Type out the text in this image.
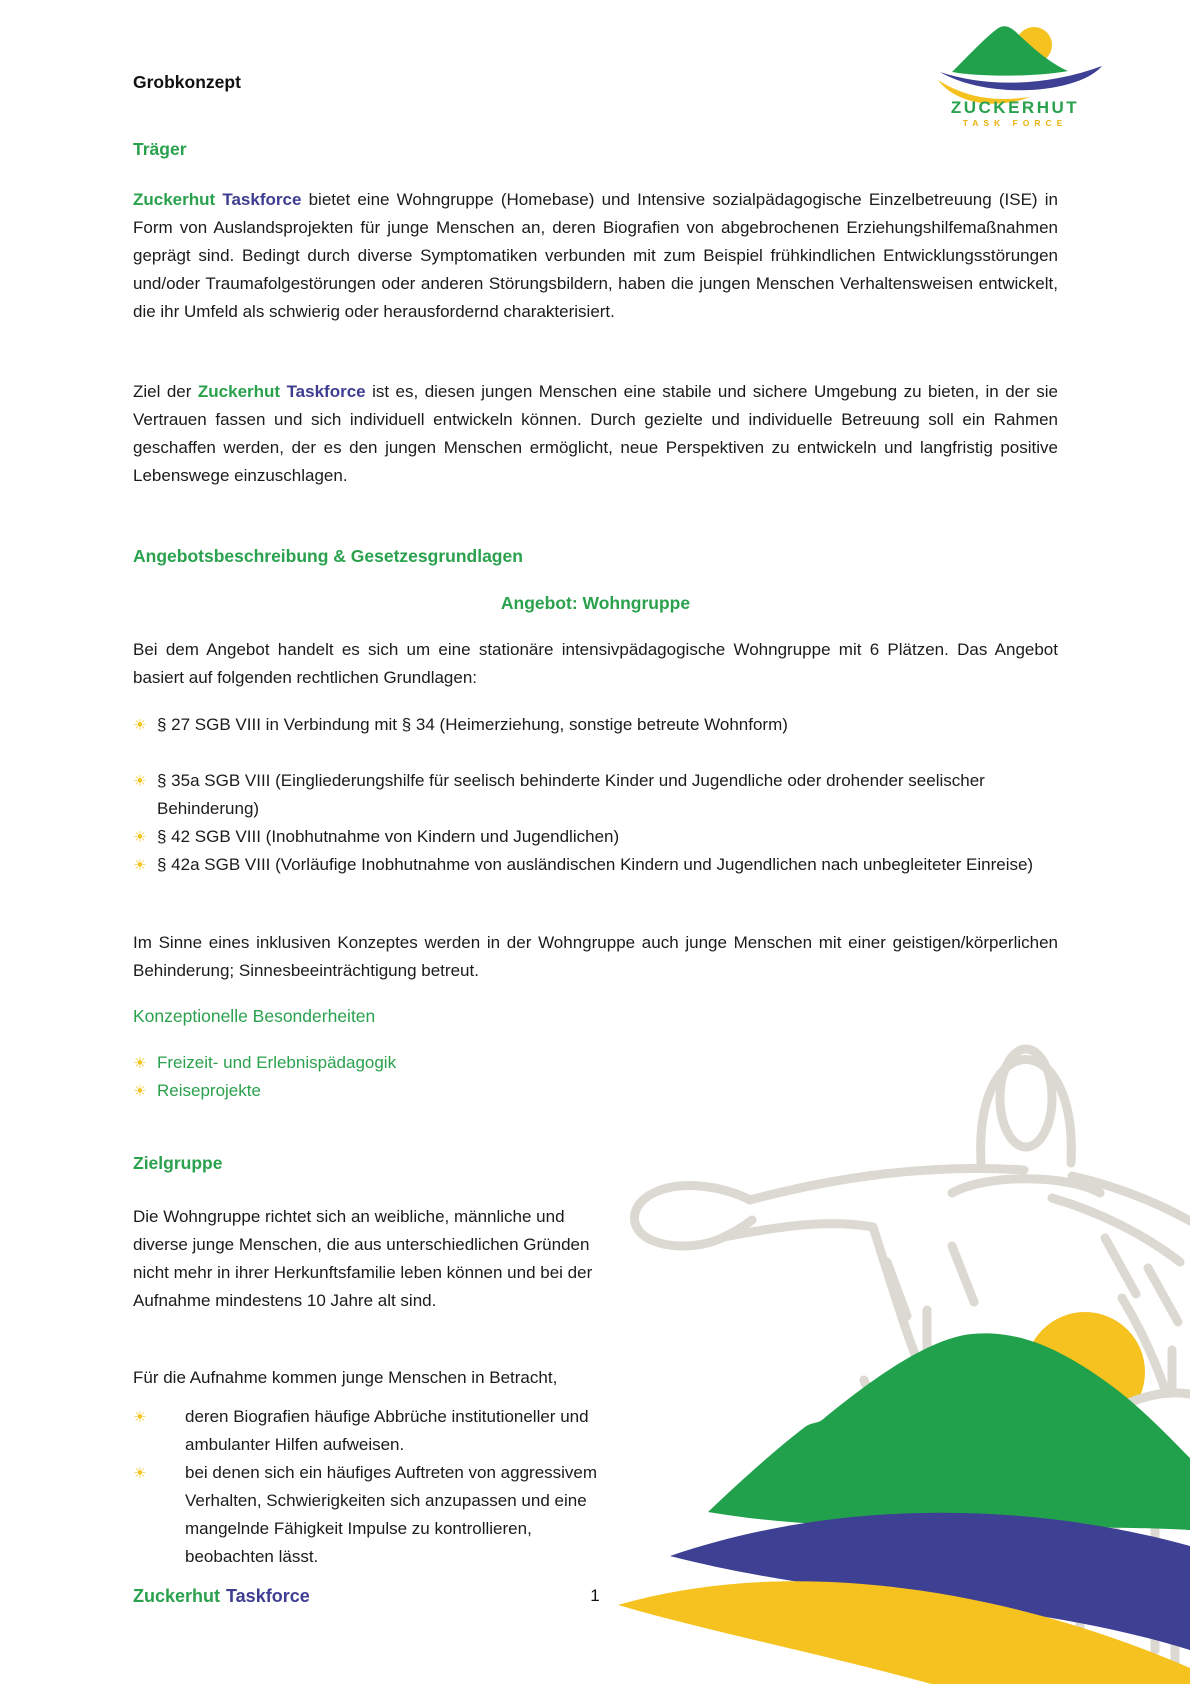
ZUCKERHUT
TASK FORCE
Grobkonzept
Träger
Zuckerhut Taskforce bietet eine Wohngruppe (Homebase) und Intensive sozialpädagogische Einzelbetreuung (ISE) in Form von Auslandsprojekten für junge Menschen an, deren Biografien von abgebrochenen Erziehungshilfemaßnahmen geprägt sind. Bedingt durch diverse Symptomatiken verbunden mit zum Beispiel frühkindlichen Entwicklungsstörungen und/oder Traumafolgestörungen oder anderen Störungsbildern, haben die jungen Menschen Verhaltensweisen entwickelt, die ihr Umfeld als schwierig oder herausfordernd charakterisiert.
Ziel der Zuckerhut Taskforce ist es, diesen jungen Menschen eine stabile und sichere Umgebung zu bieten, in der sie Vertrauen fassen und sich individuell entwickeln können. Durch gezielte und individuelle Betreuung soll ein Rahmen geschaffen werden, der es den jungen Menschen ermöglicht, neue Perspektiven zu entwickeln und langfristig positive Lebenswege einzuschlagen.
Angebotsbeschreibung & Gesetzesgrundlagen
Angebot: Wohngruppe
Bei dem Angebot handelt es sich um eine stationäre intensivpädagogische Wohngruppe mit 6 Plätzen. Das Angebot basiert auf folgenden rechtlichen Grundlagen:
☀ § 27 SGB VIII in Verbindung mit § 34 (Heimerziehung, sonstige betreute Wohnform)
☀ § 35a SGB VIII (Eingliederungshilfe für seelisch behinderte Kinder und Jugendliche oder drohender seelischer Behinderung)
☀ § 42 SGB VIII (Inobhutnahme von Kindern und Jugendlichen)
☀ § 42a SGB VIII (Vorläufige Inobhutnahme von ausländischen Kindern und Jugendlichen nach unbegleiteter Einreise)
Im Sinne eines inklusiven Konzeptes werden in der Wohngruppe auch junge Menschen mit einer geistigen/körperlichen Behinderung; Sinnesbeeinträchtigung betreut.
Konzeptionelle Besonderheiten
☀ Freizeit- und Erlebnispädagogik
☀ Reiseprojekte
Zielgruppe
Die Wohngruppe richtet sich an weibliche, männliche und diverse junge Menschen, die aus unterschiedlichen Gründen nicht mehr in ihrer Herkunftsfamilie leben können und bei der Aufnahme mindestens 10 Jahre alt sind.
Für die Aufnahme kommen junge Menschen in Betracht,
☀ deren Biografien häufige Abbrüche institutioneller und ambulanter Hilfen aufweisen.
☀ bei denen sich ein häufiges Auftreten von aggressivem Verhalten, Schwierigkeiten sich anzupassen und eine mangelnde Fähigkeit Impulse zu kontrollieren, beobachten lässt.
Zuckerhut Taskforce	1
